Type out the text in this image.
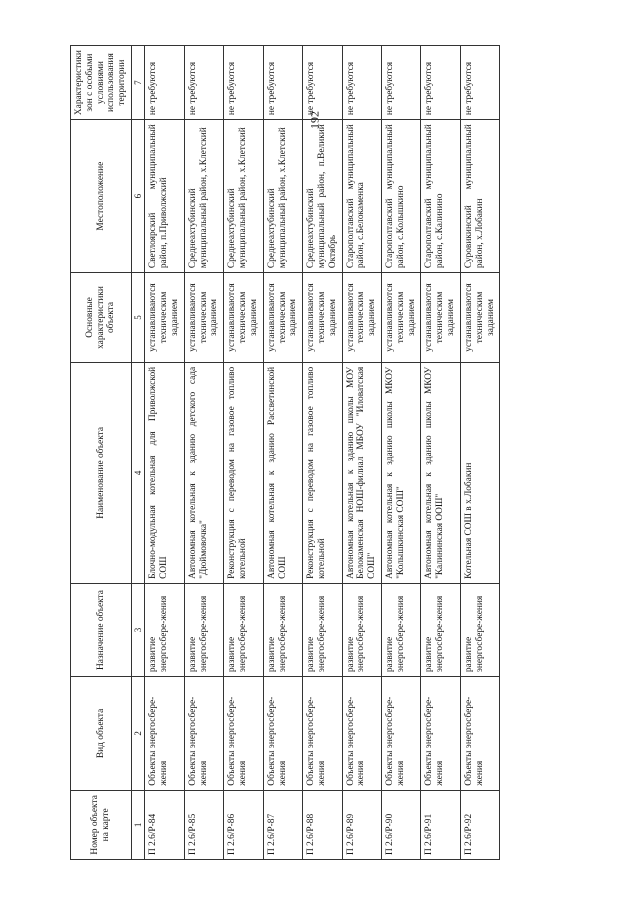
192
Номер объекта на карте	Вид объекта	Назначение объекта	Наименование объекта	Основные характеристики объекта	Местоположение	Характеристики зон с особыми условиями использования территории
1	2	3	4	5	6	7
П 2.6/Р-84	Объекты энергосбере-жения	развитие энергосбере-жения	Блочно-модульная котельная для Приволжской СОШ	устанавливаются техническим заданием	Светлоярский муниципальный район, п.Приволжский	не требуются
П 2.6/Р-85	Объекты энергосбере-жения	развитие энергосбере-жения	Автономная котельная к зданию детского сада "Дюймовочка"	устанавливаются техническим заданием	Среднеахтубинский муниципальный район, х.Клетский	не требуются
П 2.6/Р-86	Объекты энергосбере-жения	развитие энергосбере-жения	Реконструкция с переводом на газовое топливо котельной	устанавливаются техническим заданием	Среднеахтубинский муниципальный район, х.Клетский	не требуются
П 2.6/Р-87	Объекты энергосбере-жения	развитие энергосбере-жения	Автономная котельная к зданию Рассветинской СОШ	устанавливаются техническим заданием	Среднеахтубинский муниципальный район, х.Клетский	не требуются
П 2.6/Р-88	Объекты энергосбере-жения	развитие энергосбере-жения	Реконструкция с переводом на газовое топливо котельной	устанавливаются техническим заданием	Среднеахтубинский муниципальный район, п.Великий Октябрь	не требуются
П 2.6/Р-89	Объекты энергосбере-жения	развитие энергосбере-жения	Автономная котельная к зданию школы МОУ Белокаменская НОШ-филиал МБОУ "Иловатская СОШ"	устанавливаются техническим заданием	Старополтавский муниципальный район, с.Белокаменка	не требуются
П 2.6/Р-90	Объекты энергосбере-жения	развитие энергосбере-жения	Автономная котельная к зданию школы МКОУ "Колышкинская СОШ"	устанавливаются техническим заданием	Старополтавский муниципальный район, с.Колышкино	не требуются
П 2.6/Р-91	Объекты энергосбере-жения	развитие энергосбере-жения	Автономная котельная к зданию школы МКОУ "Калининская ООШ"	устанавливаются техническим заданием	Старополтавский муниципальный район, с.Калинино	не требуются
П 2.6/Р-92	Объекты энергосбере-жения	развитие энергосбере-жения	Котельная СОШ в х.Лобакин	устанавливаются техническим заданием	Суровикинский муниципальный район, х.Лобакин	не требуются
